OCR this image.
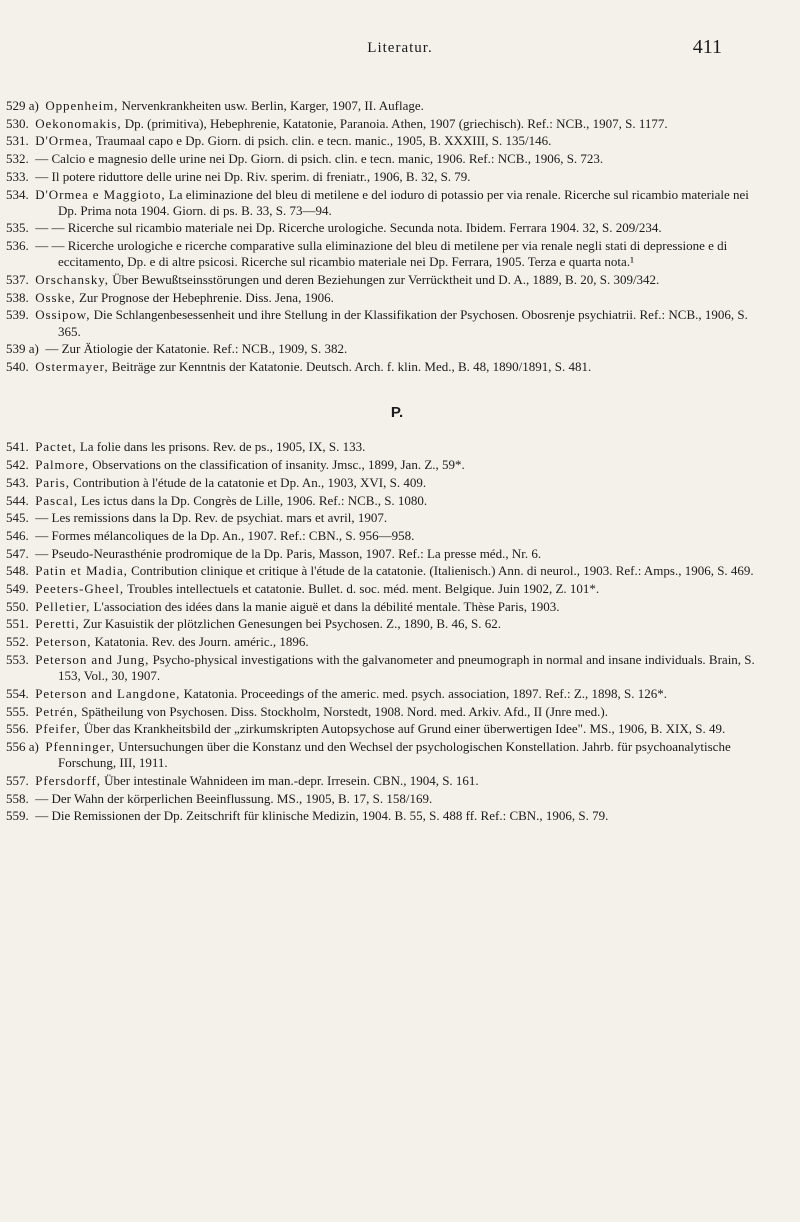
Literatur.	411
529 a) Oppenheim, Nervenkrankheiten usw. Berlin, Karger, 1907, II. Auflage.
530. Oekonomakis, Dp. (primitiva), Hebephrenie, Katatonie, Paranoia. Athen, 1907 (griechisch). Ref.: NCB., 1907, S. 1177.
531. D'Ormea, Traumaal capo e Dp. Giorn. di psich. clin. e tecn. manic., 1905, B. XXXIII, S. 135/146.
532. — Calcio e magnesio delle urine nei Dp. Giorn. di psich. clin. e tecn. manic, 1906. Ref.: NCB., 1906, S. 723.
533. — Il potere riduttore delle urine nei Dp. Riv. sperim. di freniatr., 1906, B. 32, S. 79.
534. D'Ormea e Maggioto, La eliminazione del bleu di metilene e del ioduro di potassio per via renale. Ricerche sul ricambio materiale nei Dp. Prima nota 1904. Giorn. di ps. B. 33, S. 73—94.
535. — — Ricerche sul ricambio materiale nei Dp. Ricerche urologiche. Secunda nota. Ibidem. Ferrara 1904. 32, S. 209/234.
536. — — Ricerche urologiche e ricerche comparative sulla eliminazione del bleu di metilene per via renale negli stati di depressione e di eccitamento, Dp. e di altre psicosi. Ricerche sul ricambio materiale nei Dp. Ferrara, 1905. Terza e quarta nota.¹
537. Orschansky, Über Bewußtseinsstörungen und deren Beziehungen zur Verrücktheit und D. A., 1889, B. 20, S. 309/342.
538. Osske, Zur Prognose der Hebephrenie. Diss. Jena, 1906.
539. Ossipow, Die Schlangenbesessenheit und ihre Stellung in der Klassifikation der Psychosen. Obosrenje psychiatrii. Ref.: NCB., 1906, S. 365.
539 a) — Zur Ätiologie der Katatonie. Ref.: NCB., 1909, S. 382.
540. Ostermayer, Beiträge zur Kenntnis der Katatonie. Deutsch. Arch. f. klin. Med., B. 48, 1890/1891, S. 481.
P.
541. Pactet, La folie dans les prisons. Rev. de ps., 1905, IX, S. 133.
542. Palmore, Observations on the classification of insanity. Jmsc., 1899, Jan. Z., 59*.
543. Paris, Contribution à l'étude de la catatonie et Dp. An., 1903, XVI, S. 409.
544. Pascal, Les ictus dans la Dp. Congrès de Lille, 1906. Ref.: NCB., S. 1080.
545. — Les remissions dans la Dp. Rev. de psychiat. mars et avril, 1907.
546. — Formes mélancoliques de la Dp. An., 1907. Ref.: CBN., S. 956—958.
547. — Pseudo-Neurasthénie prodromique de la Dp. Paris, Masson, 1907. Ref.: La presse méd., Nr. 6.
548. Patin et Madia, Contribution clinique et critique à l'étude de la catatonie. (Italienisch.) Ann. di neurol., 1903. Ref.: Amps., 1906, S. 469.
549. Peeters-Gheel, Troubles intellectuels et catatonie. Bullet. d. soc. méd. ment. Belgique. Juin 1902, Z. 101*.
550. Pelletier, L'association des idées dans la manie aiguë et dans la débilité mentale. Thèse Paris, 1903.
551. Peretti, Zur Kasuistik der plötzlichen Genesungen bei Psychosen. Z., 1890, B. 46, S. 62.
552. Peterson, Katatonia. Rev. des Journ. améric., 1896.
553. Peterson and Jung, Psycho-physical investigations with the galvanometer and pneumograph in normal and insane individuals. Brain, S. 153, Vol., 30, 1907.
554. Peterson and Langdone, Katatonia. Proceedings of the americ. med. psych. association, 1897. Ref.: Z., 1898, S. 126*.
555. Petrén, Spätheilung von Psychosen. Diss. Stockholm, Norstedt, 1908. Nord. med. Arkiv. Afd., II (Jnre med.).
556. Pfeifer, Über das Krankheitsbild der „zirkumskripten Autopsychose auf Grund einer überwertigen Idee". MS., 1906, B. XIX, S. 49.
556 a) Pfenninger, Untersuchungen über die Konstanz und den Wechsel der psychologischen Konstellation. Jahrb. für psychoanalytische Forschung, III, 1911.
557. Pfersdorff, Über intestinale Wahnideen im man.-depr. Irresein. CBN., 1904, S. 161.
558. — Der Wahn der körperlichen Beeinflussung. MS., 1905, B. 17, S. 158/169.
559. — Die Remissionen der Dp. Zeitschrift für klinische Medizin, 1904. B. 55, S. 488 ff. Ref.: CBN., 1906, S. 79.
